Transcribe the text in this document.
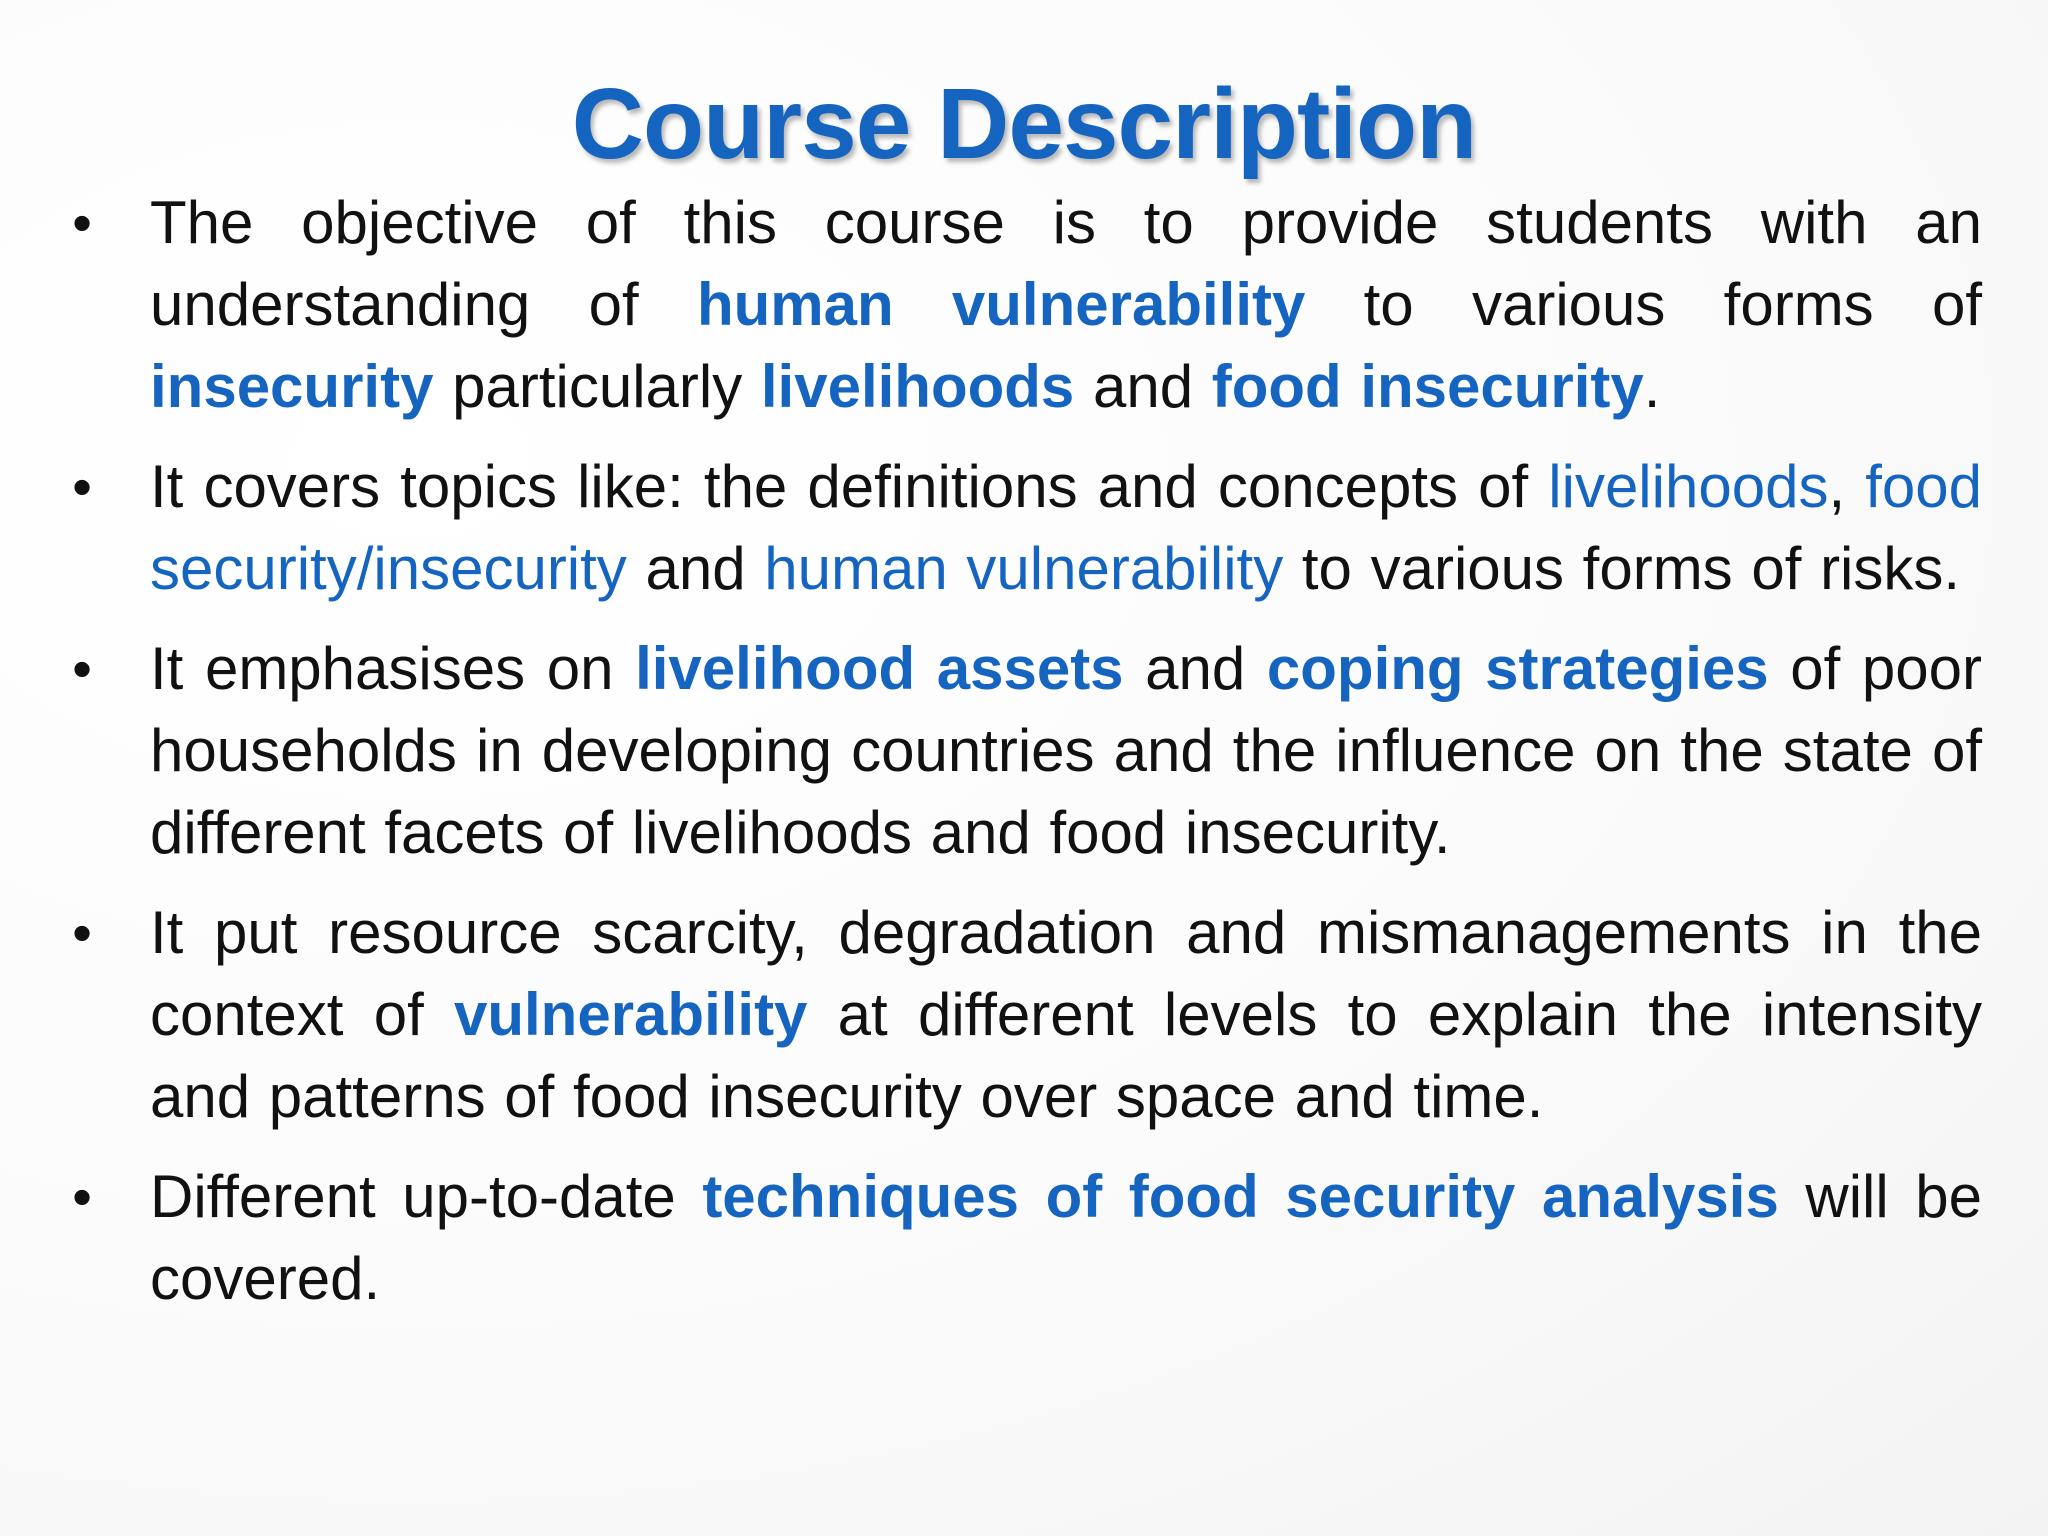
Course Description
• The objective of this course is to provide students with an understanding of human vulnerability to various forms of insecurity particularly livelihoods and food insecurity.
• It covers topics like: the definitions and concepts of livelihoods, food security/insecurity and human vulnerability to various forms of risks.
• It emphasises on livelihood assets and coping strategies of poor households in developing countries and the influence on the state of different facets of livelihoods and food insecurity.
• It put resource scarcity, degradation and mismanagements in the context of vulnerability at different levels to explain the intensity and patterns of food insecurity over space and time.
• Different up-to-date techniques of food security analysis will be covered.
